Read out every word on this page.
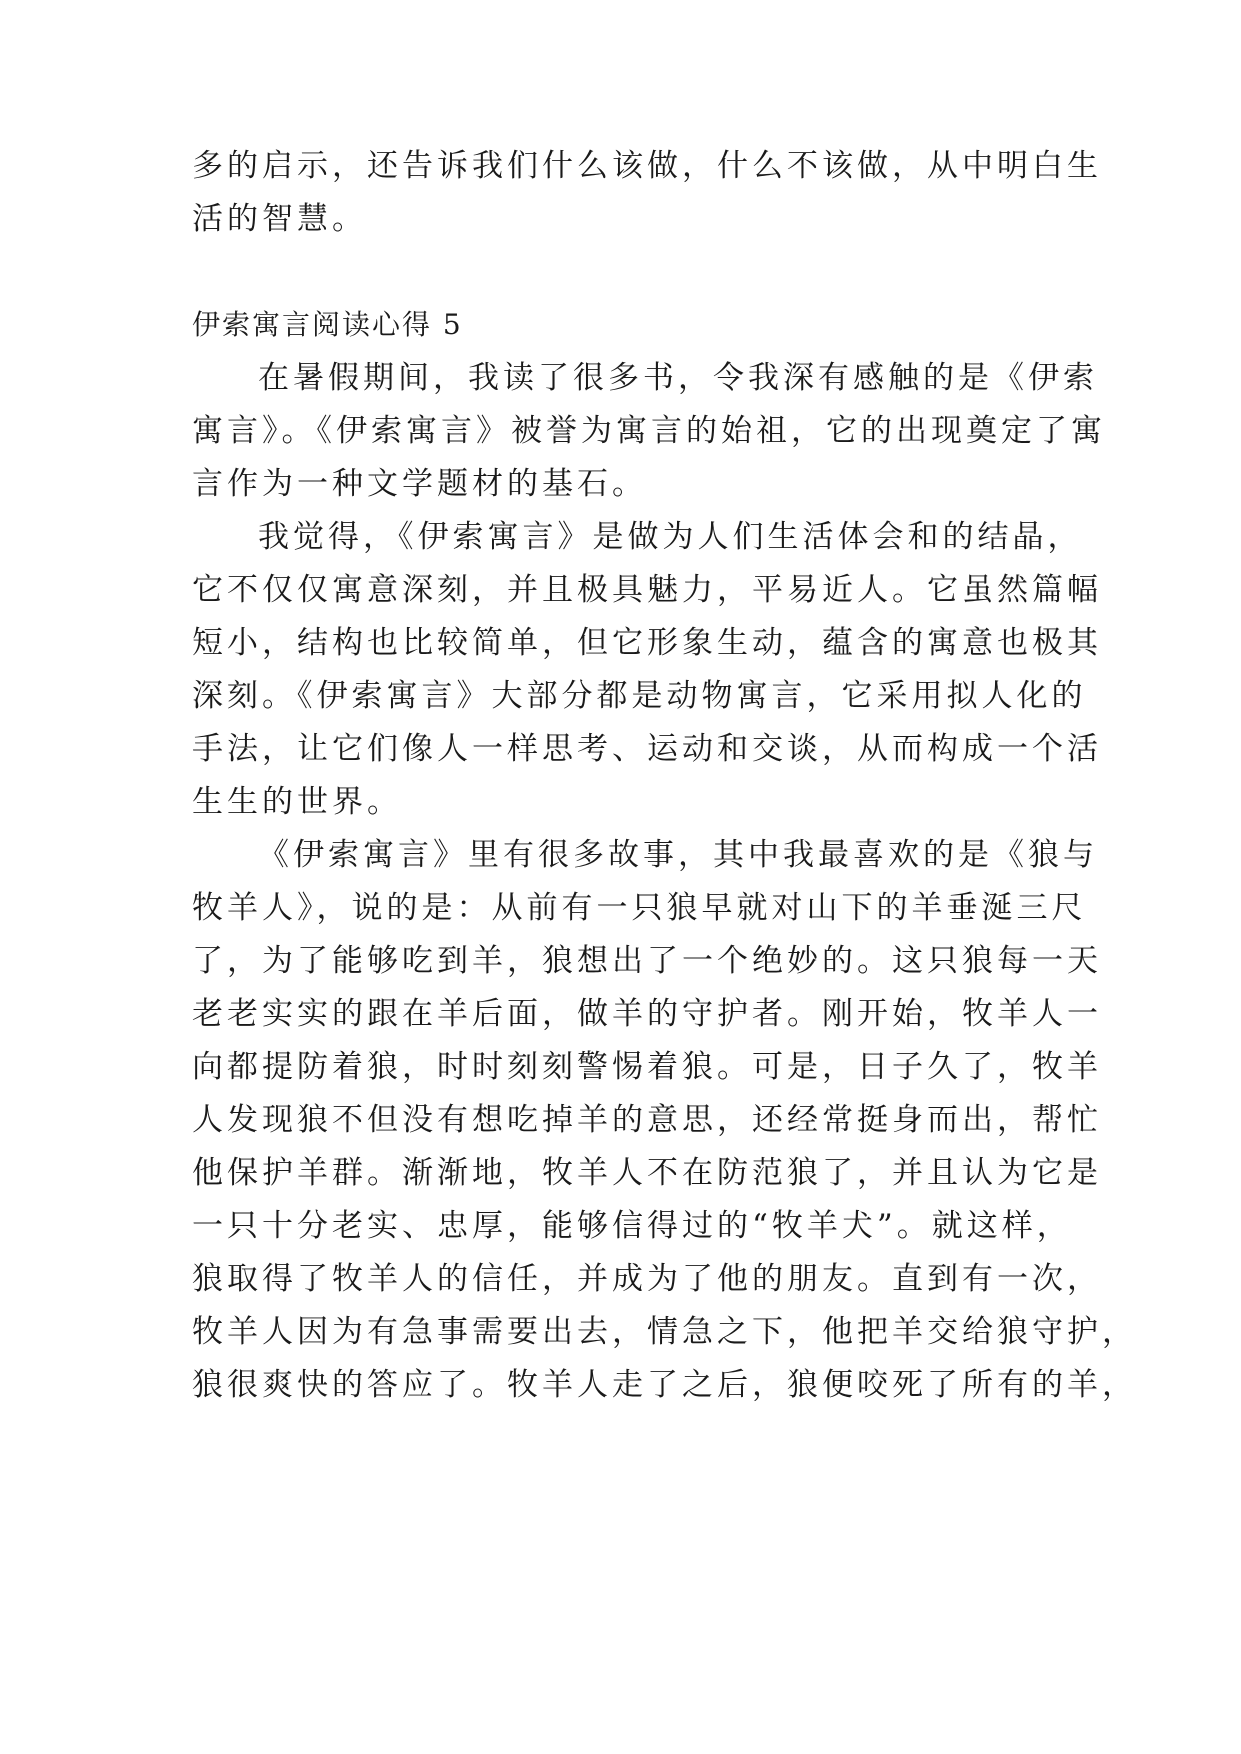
多的启示，还告诉我们什么该做，什么不该做，从中明白生
活的智慧。
伊索寓言阅读心得 5
在暑假期间，我读了很多书，令我深有感触的是《伊索
寓言》。《伊索寓言》被誉为寓言的始祖，它的出现奠定了寓
言作为一种文学题材的基石。
我觉得，《伊索寓言》是做为人们生活体会和的结晶，
它不仅仅寓意深刻，并且极具魅力，平易近人。它虽然篇幅
短小，结构也比较简单，但它形象生动，蕴含的寓意也极其
深刻。《伊索寓言》大部分都是动物寓言，它采用拟人化的
手法，让它们像人一样思考、运动和交谈，从而构成一个活
生生的世界。
《伊索寓言》里有很多故事，其中我最喜欢的是《狼与
牧羊人》，说的是：从前有一只狼早就对山下的羊垂涎三尺
了，为了能够吃到羊，狼想出了一个绝妙的。这只狼每一天
老老实实的跟在羊后面，做羊的守护者。刚开始，牧羊人一
向都提防着狼，时时刻刻警惕着狼。可是，日子久了，牧羊
人发现狼不但没有想吃掉羊的意思，还经常挺身而出，帮忙
他保护羊群。渐渐地，牧羊人不在防范狼了，并且认为它是
一只十分老实、忠厚，能够信得过的“牧羊犬”。就这样，
狼取得了牧羊人的信任，并成为了他的朋友。直到有一次，
牧羊人因为有急事需要出去，情急之下，他把羊交给狼守护，
狼很爽快的答应了。牧羊人走了之后，狼便咬死了所有的羊，
